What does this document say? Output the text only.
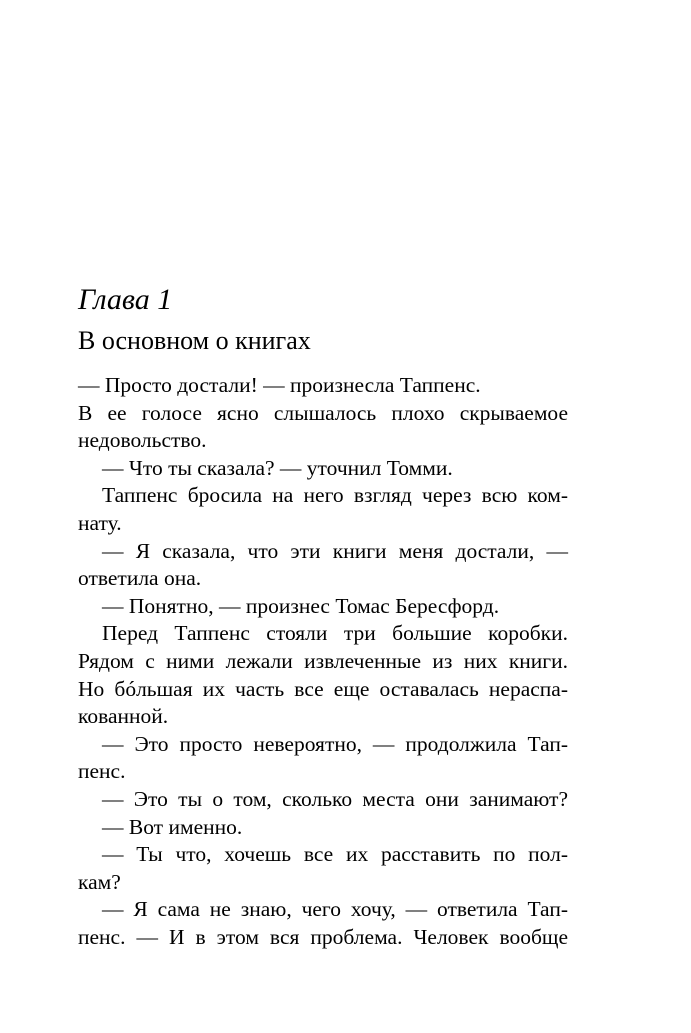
Глава 1
В основном о книгах
— Просто достали! — произнесла Таппенс.
В ее голосе ясно слышалось плохо скрываемое
недовольство.
— Что ты сказала? — уточнил Томми.
Таппенс бросила на него взгляд через всю ком-
нату.
— Я сказала, что эти книги меня достали, —
ответила она.
— Понятно, — произнес Томас Бересфорд.
Перед Таппенс стояли три большие коробки.
Рядом с ними лежали извлеченные из них книги.
Но бóльшая их часть все еще оставалась нераспа-
кованной.
— Это просто невероятно, — продолжила Тап-
пенс.
— Это ты о том, сколько места они занимают?
— Вот именно.
— Ты что, хочешь все их расставить по пол-
кам?
— Я сама не знаю, чего хочу, — ответила Тап-
пенс. — И в этом вся проблема. Человек вообще
